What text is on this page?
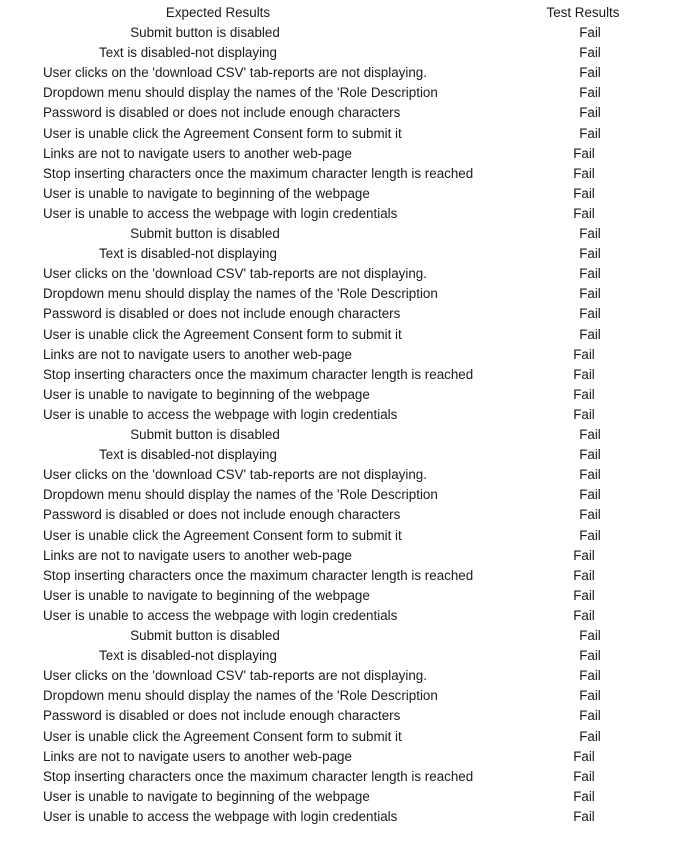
Expected Results	Test Results
Submit button is disabled	Fail
Text is disabled-not displaying	Fail
User clicks on the 'download CSV' tab-reports are not displaying.	Fail
Dropdown menu should display the names of the 'Role Description	Fail
Password is disabled or does not include enough characters	Fail
User is unable click the Agreement Consent form to submit it	Fail
Links are not to navigate users to another web-page	Fail
Stop inserting characters once the maximum character length is reached	Fail
User is unable to navigate to beginning of the webpage	Fail
User is unable to access the webpage with login credentials	Fail
Submit button is disabled	Fail
Text is disabled-not displaying	Fail
User clicks on the 'download CSV' tab-reports are not displaying.	Fail
Dropdown menu should display the names of the 'Role Description	Fail
Password is disabled or does not include enough characters	Fail
User is unable click the Agreement Consent form to submit it	Fail
Links are not to navigate users to another web-page	Fail
Stop inserting characters once the maximum character length is reached	Fail
User is unable to navigate to beginning of the webpage	Fail
User is unable to access the webpage with login credentials	Fail
Submit button is disabled	Fail
Text is disabled-not displaying	Fail
User clicks on the 'download CSV' tab-reports are not displaying.	Fail
Dropdown menu should display the names of the 'Role Description	Fail
Password is disabled or does not include enough characters	Fail
User is unable click the Agreement Consent form to submit it	Fail
Links are not to navigate users to another web-page	Fail
Stop inserting characters once the maximum character length is reached	Fail
User is unable to navigate to beginning of the webpage	Fail
User is unable to access the webpage with login credentials	Fail
Submit button is disabled	Fail
Text is disabled-not displaying	Fail
User clicks on the 'download CSV' tab-reports are not displaying.	Fail
Dropdown menu should display the names of the 'Role Description	Fail
Password is disabled or does not include enough characters	Fail
User is unable click the Agreement Consent form to submit it	Fail
Links are not to navigate users to another web-page	Fail
Stop inserting characters once the maximum character length is reached	Fail
User is unable to navigate to beginning of the webpage	Fail
User is unable to access the webpage with login credentials	Fail
